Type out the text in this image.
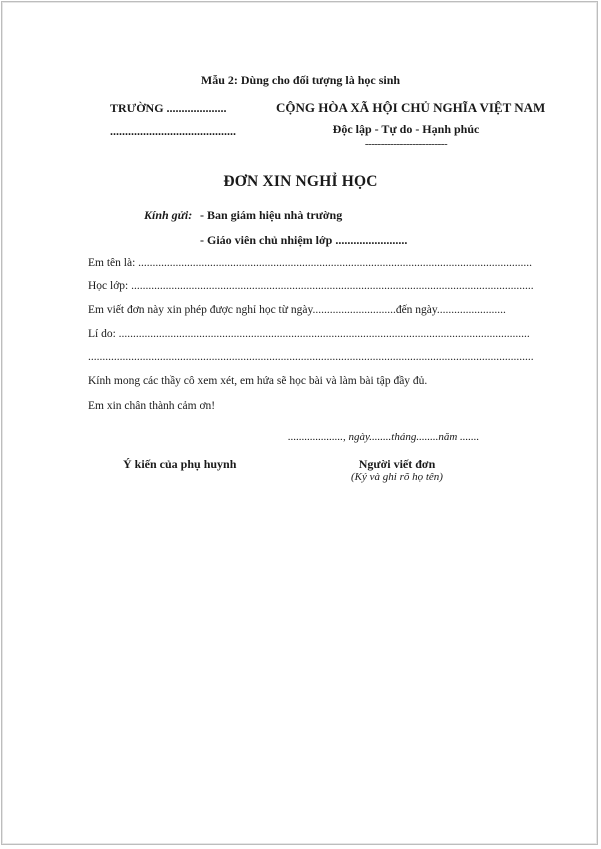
Mẫu 2: Dùng cho đối tượng là học sinh
TRƯỜNG ....................
..........................................
CỘNG HÒA XÃ HỘI CHỦ NGHĨA VIỆT NAM
Độc lập - Tự do - Hạnh phúc
--------------------------
ĐƠN XIN NGHỈ HỌC
Kính gửi: - Ban giám hiệu nhà trường
- Giáo viên chủ nhiệm lớp ........................
Em tên là: .........................................................................................................................................
Học lớp: ............................................................................................................................................
Em viết đơn này xin phép được nghỉ học từ ngày.............................đến ngày........................
Lí do: ...............................................................................................................................................
...........................................................................................................................................................
Kính mong các thầy cô xem xét, em hứa sẽ học bài và làm bài tập đầy đủ.
Em xin chân thành cảm ơn!
...................., ngày........tháng........năm .......
Ý kiến của phụ huynh	Người viết đơn
(Ký và ghi rõ họ tên)
